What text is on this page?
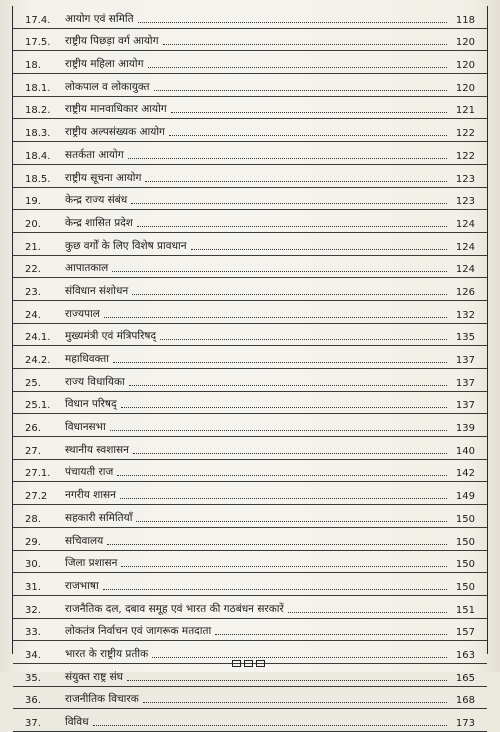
17.4.	आयोग एवं समिति	118
17.5.	राष्ट्रीय पिछड़ा वर्ग आयोग	120
18.	राष्ट्रीय महिला आयोग	120
18.1.	लोकपाल व लोकायुक्त	120
18.2.	राष्ट्रीय मानवाधिकार आयोग	121
18.3.	राष्ट्रीय अल्पसंख्यक आयोग	122
18.4.	सतर्कता आयोग	122
18.5.	राष्ट्रीय सूचना आयोग	123
19.	केन्द्र राज्य संबंध	123
20.	केन्द्र शासित प्रदेश	124
21.	कुछ वर्गों के लिए विशेष प्रावधान	124
22.	आपातकाल	124
23.	संविधान संशोधन	126
24.	राज्यपाल	132
24.1.	मुख्यमंत्री एवं मंत्रिपरिषद्	135
24.2.	महाधिवक्ता	137
25.	राज्य विधायिका	137
25.1.	विधान परिषद्	137
26.	विधानसभा	139
27.	स्थानीय स्वशासन	140
27.1.	पंचायती राज	142
27.2	नगरीय शासन	149
28.	सहकारी समितियाँ	150
29.	सचिवालय	150
30.	जिला प्रशासन	150
31.	राजभाषा	150
32.	राजनैतिक दल, दबाव समूह एवं भारत की गठबंधन सरकारें	151
33.	लोकतंत्र निर्वाचन एवं जागरूक मतदाता	157
34.	भारत के राष्ट्रीय प्रतीक	163
35.	संयुक्त राष्ट्र संघ	165
36.	राजनीतिक विचारक	168
37.	विविध	173
